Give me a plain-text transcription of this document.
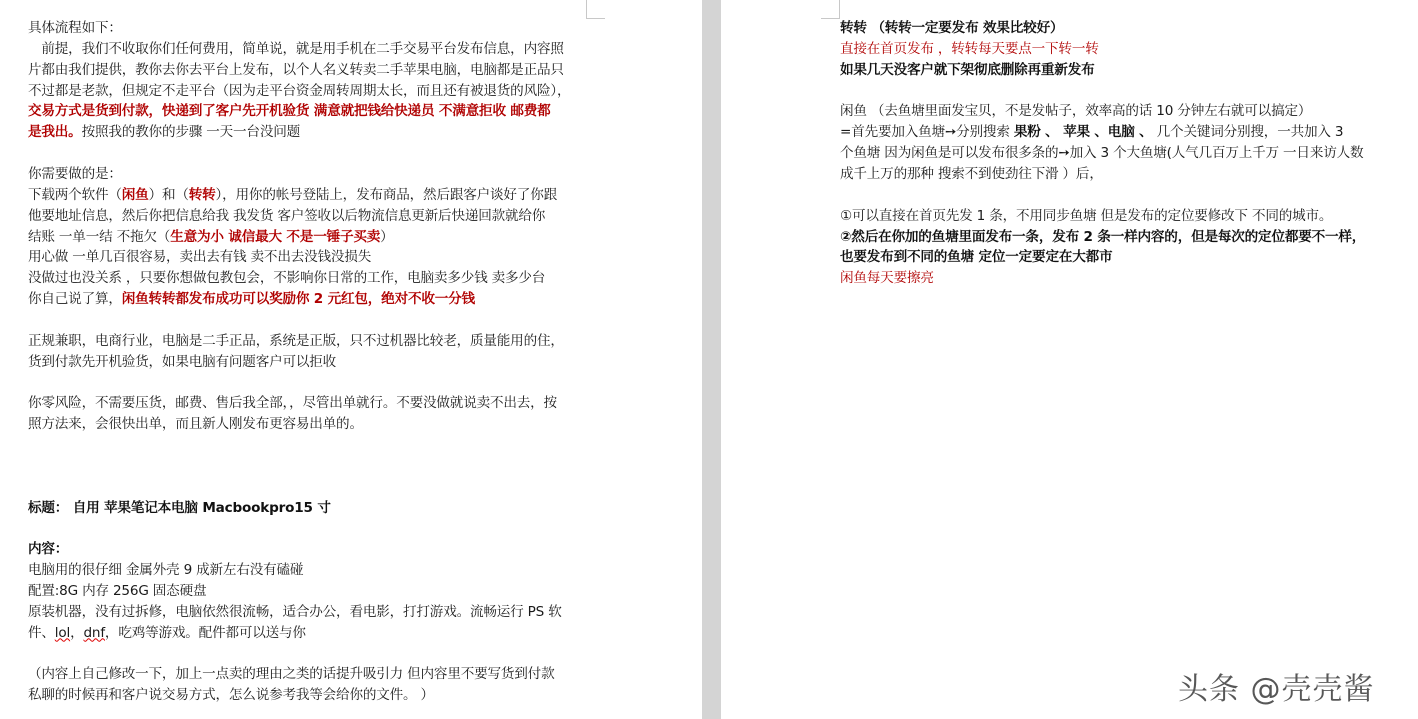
具体流程如下：
　前提，我们不收取你们任何费用，简单说，就是用手机在二手交易平台发布信息，内容照
片都由我们提供，教你去你去平台上发布，以个人名义转卖二手苹果电脑，电脑都是正品只
不过都是老款，但规定不走平台（因为走平台资金周转周期太长，而且还有被退货的风险），
交易方式是货到付款，快递到了客户先开机验货 满意就把钱给快递员 不满意拒收 邮费都
是我出。按照我的教你的步骤 一天一台没问题
你需要做的是：
下载两个软件（闲鱼）和（转转），用你的帐号登陆上，发布商品，然后跟客户谈好了你跟
他要地址信息，然后你把信息给我 我发货 客户签收以后物流信息更新后快递回款就给你
结账 一单一结 不拖欠（生意为小 诚信最大 不是一锤子买卖）
用心做 一单几百很容易，卖出去有钱 卖不出去没钱没损失
没做过也没关系 ，只要你想做包教包会，不影响你日常的工作，电脑卖多少钱 卖多少台
你自己说了算，闲鱼转转都发布成功可以奖励你 2 元红包，绝对不收一分钱
正规兼职，电商行业，电脑是二手正品，系统是正版，只不过机器比较老，质量能用的住，
货到付款先开机验货，如果电脑有问题客户可以拒收
你零风险，不需要压货，邮费、售后我全部，，尽管出单就行。不要没做就说卖不出去，按
照方法来，会很快出单，而且新人刚发布更容易出单的。
标题： 自用 苹果笔记本电脑 Macbookpro15 寸
内容：
电脑用的很仔细 金属外壳 9 成新左右没有磕碰
配置:8G 内存 256G 固态硬盘
原装机器，没有过拆修，电脑依然很流畅，适合办公，看电影，打打游戏。流畅运行 PS 软
件、lol，dnf，吃鸡等游戏。配件都可以送与你
（内容上自己修改一下，加上一点卖的理由之类的话提升吸引力 但内容里不要写货到付款
私聊的时候再和客户说交易方式，怎么说参考我等会给你的文件。 ）
转转 （转转一定要发布 效果比较好）
直接在首页发布 ，转转每天要点一下转一转
如果几天没客户就下架彻底删除再重新发布
闲鱼 （去鱼塘里面发宝贝，不是发帖子，效率高的话 10 分钟左右就可以搞定）
=首先要加入鱼塘➙分别搜索 果粉 、 苹果 、电脑 、 几个关键词分别搜，一共加入 3
个鱼塘 因为闲鱼是可以发布很多条的➙加入 3 个大鱼塘(人气几百万上千万 一日来访人数
成千上万的那种 搜索不到使劲往下滑 ）后，
①可以直接在首页先发 1 条，不用同步鱼塘 但是发布的定位要修改下 不同的城市。
②然后在你加的鱼塘里面发布一条，发布 2 条一样内容的，但是每次的定位都要不一样，
也要发布到不同的鱼塘 定位一定要定在大都市
闲鱼每天要擦亮
头条 @壳壳酱
